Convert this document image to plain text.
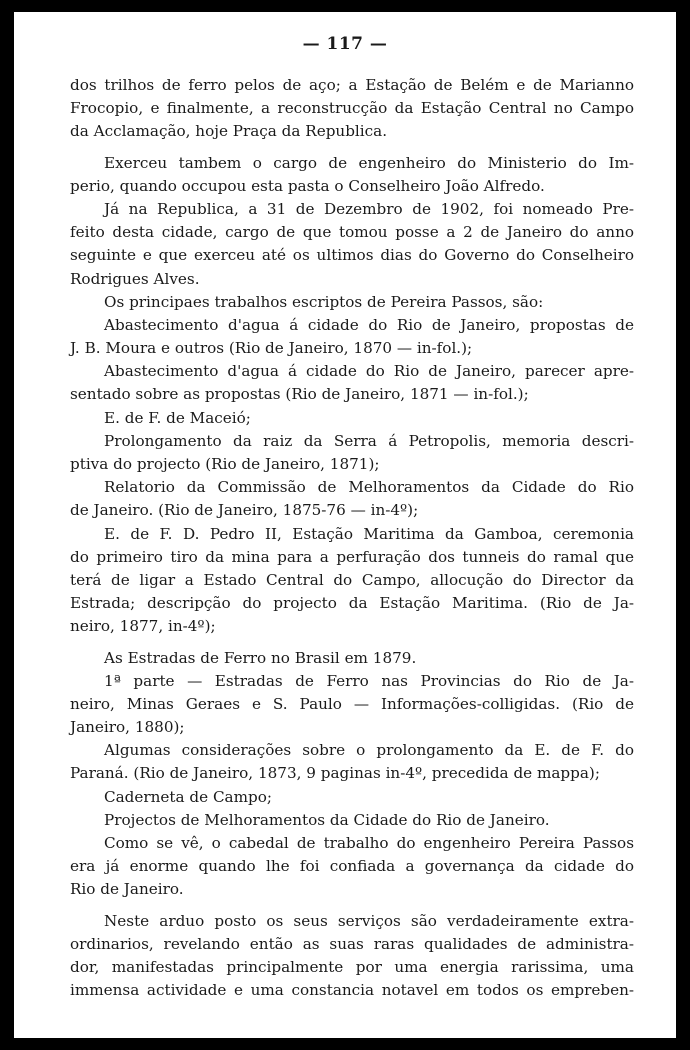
— 117 —
dos trilhos de ferro pelos de aço; a Estação de Belém e de Marianno
Frocopio, e finalmente, a reconstrucção da Estação Central no Campo
da Acclamação, hoje Praça da Republica.
Exerceu tambem o cargo de engenheiro do Ministerio do Im-
perio, quando occupou esta pasta o Conselheiro João Alfredo.
Já na Republica, a 31 de Dezembro de 1902, foi nomeado Pre-
feito desta cidade, cargo de que tomou posse a 2 de Janeiro do anno
seguinte e que exerceu até os ultimos dias do Governo do Conselheiro
Rodrigues Alves.
Os principaes trabalhos escriptos de Pereira Passos, são:
Abastecimento d'agua á cidade do Rio de Janeiro, propostas de
J. B. Moura e outros (Rio de Janeiro, 1870 — in-fol.);
Abastecimento d'agua á cidade do Rio de Janeiro, parecer apre-
sentado sobre as propostas (Rio de Janeiro, 1871 — in-fol.);
E. de F. de Maceió;
Prolongamento da raiz da Serra á Petropolis, memoria descri-
ptiva do projecto (Rio de Janeiro, 1871);
Relatorio da Commissão de Melhoramentos da Cidade do Rio
de Janeiro. (Rio de Janeiro, 1875-76 — in-4º);
E. de F. D. Pedro II, Estação Maritima da Gamboa, ceremonia
do primeiro tiro da mina para a perfuração dos tunneis do ramal que
terá de ligar a Estado Central do Campo, allocução do Director da
Estrada; descripção do projecto da Estação Maritima. (Rio de Ja-
neiro, 1877, in-4º);
As Estradas de Ferro no Brasil em 1879.
1ª parte — Estradas de Ferro nas Provincias do Rio de Ja-
neiro, Minas Geraes e S. Paulo — Informações-colligidas. (Rio de
Janeiro, 1880);
Algumas considerações sobre o prolongamento da E. de F. do
Paraná. (Rio de Janeiro, 1873, 9 paginas in-4º, precedida de mappa);
Caderneta de Campo;
Projectos de Melhoramentos da Cidade do Rio de Janeiro.
Como se vê, o cabedal de trabalho do engenheiro Pereira Passos
era já enorme quando lhe foi confiada a governança da cidade do
Rio de Janeiro.
Neste arduo posto os seus serviços são verdadeiramente extra-
ordinarios, revelando então as suas raras qualidades de administra-
dor, manifestadas principalmente por uma energia rarissima, uma
immensa actividade e uma constancia notavel em todos os empreben-
